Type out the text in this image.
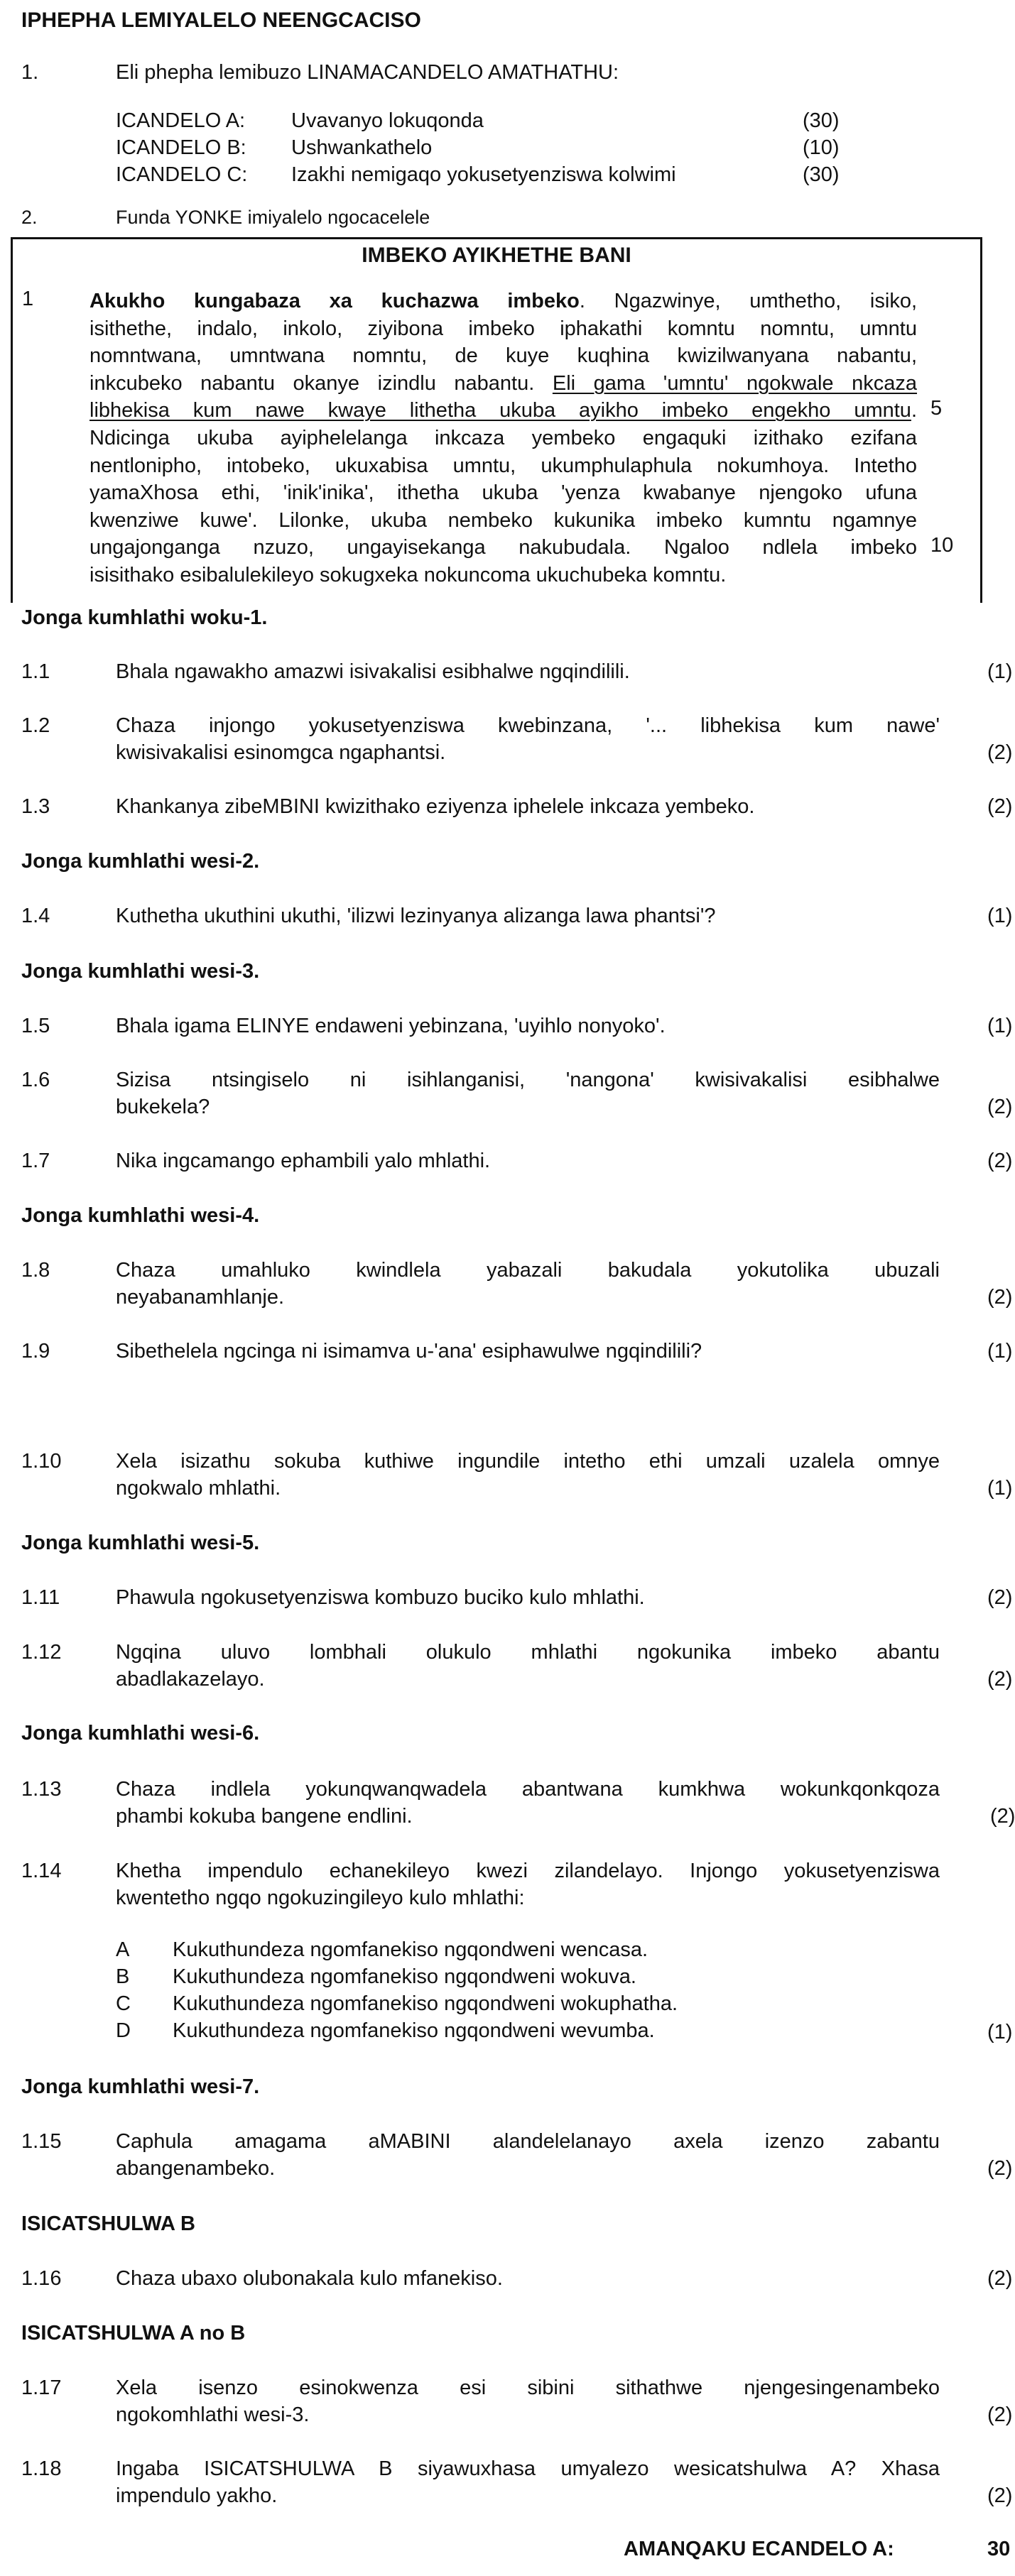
IPHEPHA LEMIYALELO NEENGCACISO
1.	Eli phepha lemibuzo LINAMACANDELO AMATHATHU:
ICANDELO A: Uvavanyo lokuqonda	(30)
ICANDELO B: Ushwankathelo	(10)
ICANDELO C: Izakhi nemigaqo yokusetyenziswa kolwimi	(30)
2.	Funda YONKE imiyalelo ngocacelele
IMBEKO AYIKHETHE BANI
1	Akukho kungabaza xa kuchazwa imbeko. Ngazwinye, umthetho, isiko,
isithethe, indalo, inkolo, ziyibona imbeko iphakathi komntu nomntu, umntu
nomntwana, umntwana nomntu, de kuye kuqhina kwizilwanyana nabantu,
inkcubeko nabantu okanye izindlu nabantu. Eli gama 'umntu' ngokwale nkcaza
libhekisa kum nawe kwaye lithetha ukuba ayikho imbeko engekho umntu.
Ndicinga ukuba ayiphelelanga inkcaza yembeko engaquki izithako ezifana
nentlonipho, intobeko, ukuxabisa umntu, ukumphulaphula nokumhoya. Intetho
yamaXhosa ethi, 'inik'inika', ithetha ukuba 'yenza kwabanye njengoko ufuna
kwenziwe kuwe'. Lilonke, ukuba nembeko kukunika imbeko kumntu ngamnye
ungajonganga nzuzo, ungayisekanga nakubudala. Ngaloo ndlela imbeko
isisithako esibalulekileyo sokugxeka nokuncoma ukuchubeka komntu.
5
10
Jonga kumhlathi woku-1.
1.1	Bhala ngawakho amazwi isivakalisi esibhalwe ngqindilili.	(1)
1.2	Chaza injongo yokusetyenziswa kwebinzana, '... libhekisa kum nawe'
kwisivakalisi esinomgca ngaphantsi.	(2)
1.3	Khankanya zibeMBINI kwizithako eziyenza iphelele inkcaza yembeko.	(2)
Jonga kumhlathi wesi-2.
1.4	Kuthetha ukuthini ukuthi, 'ilizwi lezinyanya alizanga lawa phantsi'?	(1)
Jonga kumhlathi wesi-3.
1.5	Bhala igama ELINYE endaweni yebinzana, 'uyihlo nonyoko'.	(1)
1.6	Sizisa ntsingiselo ni isihlanganisi, 'nangona' kwisivakalisi esibhalwe
bukekela?	(2)
1.7	Nika ingcamango ephambili yalo mhlathi.	(2)
Jonga kumhlathi wesi-4.
1.8	Chaza umahluko kwindlela yabazali bakudala yokutolika ubuzali
neyabanamhlanje.	(2)
1.9	Sibethelela ngcinga ni isimamva u-'ana' esiphawulwe ngqindilili?	(1)
1.10	Xela isizathu sokuba kuthiwe ingundile intetho ethi umzali uzalela omnye
ngokwalo mhlathi.	(1)
Jonga kumhlathi wesi-5.
1.11	Phawula ngokusetyenziswa kombuzo buciko kulo mhlathi.	(2)
1.12	Ngqina uluvo lombhali olukulo mhlathi ngokunika imbeko abantu
abadlakazelayo.	(2)
Jonga kumhlathi wesi-6.
1.13	Chaza indlela yokunqwanqwadela abantwana kumkhwa wokunkqonkqoza
phambi kokuba bangene endlini.	(2)
1.14	Khetha impendulo echanekileyo kwezi zilandelayo. Injongo yokusetyenziswa
kwentetho ngqo ngokuzingileyo kulo mhlathi:
A Kukuthundeza ngomfanekiso ngqondweni wencasa.
B Kukuthundeza ngomfanekiso ngqondweni wokuva.
C Kukuthundeza ngomfanekiso ngqondweni wokuphatha.
D Kukuthundeza ngomfanekiso ngqondweni wevumba.	(1)
Jonga kumhlathi wesi-7.
1.15	Caphula amagama aMABINI alandelelanayo axela izenzo zabantu
abangenambeko.	(2)
ISICATSHULWA B
1.16	Chaza ubaxo olubonakala kulo mfanekiso.	(2)
ISICATSHULWA A no B
1.17	Xela isenzo esinokwenza esi sibini sithathwe njengesingenambeko
ngokomhlathi wesi-3.	(2)
1.18	Ingaba ISICATSHULWA B siyawuxhasa umyalezo wesicatshulwa A? Xhasa
impendulo yakho.	(2)
AMANQAKU ECANDELO A:	30
